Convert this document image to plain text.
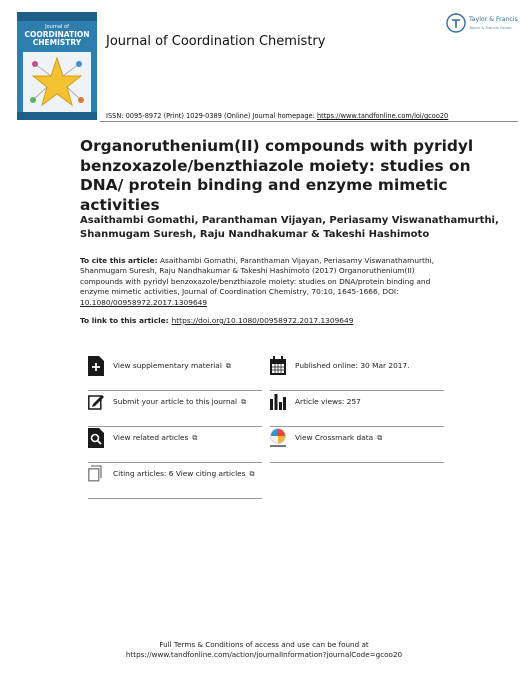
Journal of
COORDINATION
CHEMISTRY	Journal of Coordination Chemistry
Taylor & Francis
Taylor & Francis Group
ISSN: 0095-8972 (Print) 1029-0389 (Online) Journal homepage: https://www.tandfonline.com/loi/gcoo20
Organoruthenium(II) compounds with pyridyl benzoxazole/benzthiazole moiety: studies on DNA/ protein binding and enzyme mimetic activities
Asaithambi Gomathi, Paranthaman Vijayan, Periasamy Viswanathamurthi, Shanmugam Suresh, Raju Nandhakumar & Takeshi Hashimoto
To cite this article: Asaithambi Gomathi, Paranthaman Vijayan, Periasamy Viswanathamurthi, Shanmugam Suresh, Raju Nandhakumar & Takeshi Hashimoto (2017) Organoruthenium(II) compounds with pyridyl benzoxazole/benzthiazole moiety: studies on DNA/protein binding and enzyme mimetic activities, Journal of Coordination Chemistry, 70:10, 1645-1666, DOI: 10.1080/00958972.2017.1309649
To link to this article: https://doi.org/10.1080/00958972.2017.1309649
View supplementary material ⧉	Published online: 30 Mar 2017.
Submit your article to this journal ⧉	Article views: 257
View related articles ⧉	View Crossmark data ⧉
Citing articles: 6 View citing articles ⧉
Full Terms & Conditions of access and use can be found at
https://www.tandfonline.com/action/journalInformation?journalCode=gcoo20
